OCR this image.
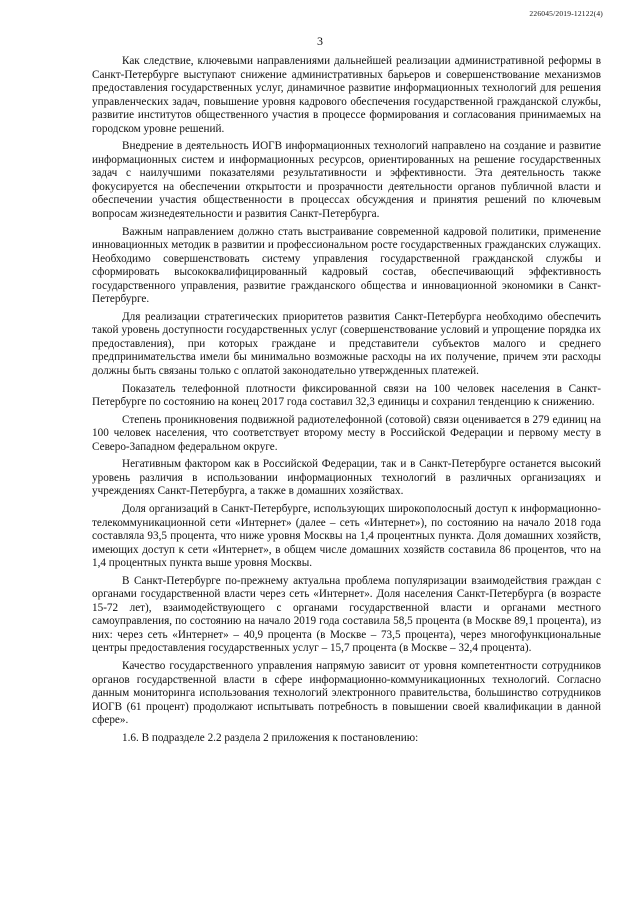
226045/2019-12122(4)
3

Как следствие, ключевыми направлениями дальнейшей реализации административной реформы в Санкт-Петербурге выступают снижение административных барьеров и совершенствование механизмов предоставления государственных услуг, динамичное развитие информационных технологий для решения управленческих задач, повышение уровня кадрового обеспечения государственной гражданской службы, развитие институтов общественного участия в процессе формирования и согласования принимаемых на городском уровне решений.

Внедрение в деятельность ИОГВ информационных технологий направлено на создание и развитие информационных систем и информационных ресурсов, ориентированных на решение государственных задач с наилучшими показателями результативности и эффективности. Эта деятельность также фокусируется на обеспечении открытости и прозрачности деятельности органов публичной власти и обеспечении участия общественности в процессах обсуждения и принятия решений по ключевым вопросам жизнедеятельности и развития Санкт-Петербурга.

Важным направлением должно стать выстраивание современной кадровой политики, применение инновационных методик в развитии и профессиональном росте государственных гражданских служащих. Необходимо совершенствовать систему управления государственной гражданской службы и сформировать высококвалифицированный кадровый состав, обеспечивающий эффективность государственного управления, развитие гражданского общества и инновационной экономики в Санкт-Петербурге.

Для реализации стратегических приоритетов развития Санкт-Петербурга необходимо обеспечить такой уровень доступности государственных услуг (совершенствование условий и упрощение порядка их предоставления), при которых граждане и представители субъектов малого и среднего предпринимательства имели бы минимально возможные расходы на их получение, причем эти расходы должны быть связаны только с оплатой законодательно утвержденных платежей.

Показатель телефонной плотности фиксированной связи на 100 человек населения в Санкт-Петербурге по состоянию на конец 2017 года составил 32,3 единицы и сохранил тенденцию к снижению.

Степень проникновения подвижной радиотелефонной (сотовой) связи оценивается в 279 единиц на 100 человек населения, что соответствует второму месту в Российской Федерации и первому месту в Северо-Западном федеральном округе.

Негативным фактором как в Российской Федерации, так и в Санкт-Петербурге останется высокий уровень различия в использовании информационных технологий в различных организациях и учреждениях Санкт-Петербурга, а также в домашних хозяйствах.

Доля организаций в Санкт-Петербурге, использующих широкополосный доступ к информационно-телекоммуникационной сети «Интернет» (далее – сеть «Интернет»), по состоянию на начало 2018 года составляла 93,5 процента, что ниже уровня Москвы на 1,4 процентных пункта. Доля домашних хозяйств, имеющих доступ к сети «Интернет», в общем числе домашних хозяйств составила 86 процентов, что на 1,4 процентных пункта выше уровня Москвы.

В Санкт-Петербурге по-прежнему актуальна проблема популяризации взаимодействия граждан с органами государственной власти через сеть «Интернет». Доля населения Санкт-Петербурга (в возрасте 15-72 лет), взаимодействующего с органами государственной власти и органами местного самоуправления, по состоянию на начало 2019 года составила 58,5 процента (в Москве 89,1 процента), из них: через сеть «Интернет» – 40,9 процента (в Москве – 73,5 процента), через многофункциональные центры предоставления государственных услуг – 15,7 процента (в Москве – 32,4 процента).

Качество государственного управления напрямую зависит от уровня компетентности сотрудников органов государственной власти в сфере информационно-коммуникационных технологий. Согласно данным мониторинга использования технологий электронного правительства, большинство сотрудников ИОГВ (61 процент) продолжают испытывать потребность в повышении своей квалификации в данной сфере».

1.6. В подразделе 2.2 раздела 2 приложения к постановлению:
